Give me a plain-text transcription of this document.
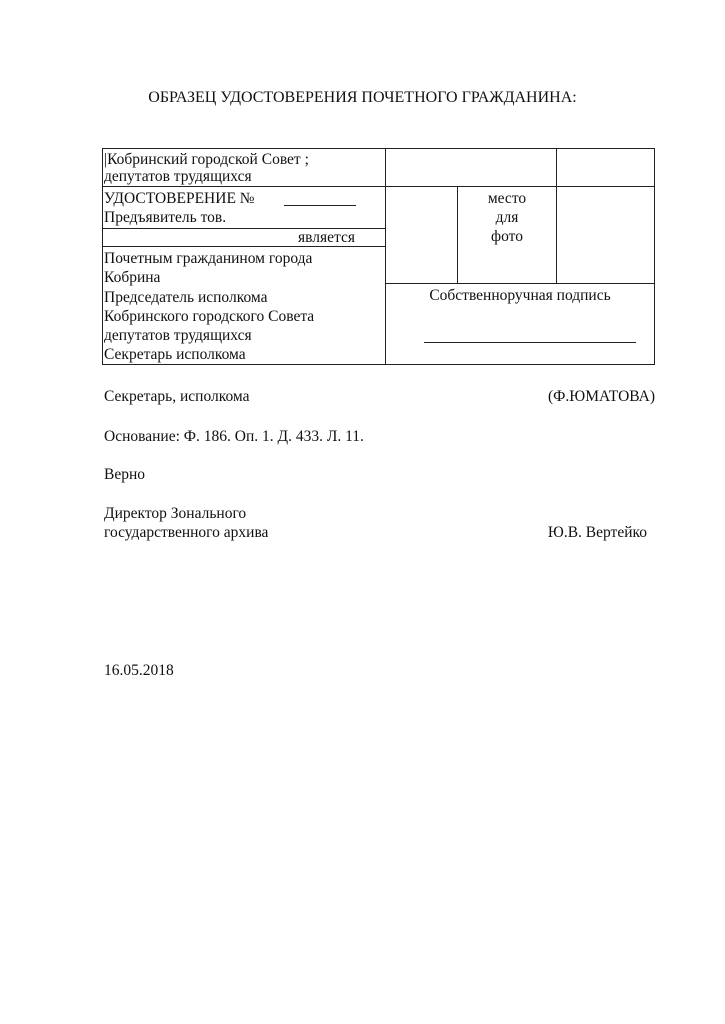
ОБРАЗЕЦ УДОСТОВЕРЕНИЯ ПОЧЕТНОГО ГРАЖДАНИНА:
|Кобринский городской Совет ;
депутатов трудящихся
УДОСТОВЕРЕНИЕ №
Предъявитель тов.
является
Почетным гражданином города
Кобрина
Председатель исполкома
Кобринского городского Совета
депутатов трудящихся
Секретарь исполкома
место
для
фото
Собственноручная подпись
Секретарь, исполкома	(Ф.ЮМАТОВА)
Основание: Ф. 186. Оп. 1. Д. 433. Л. 11.
Верно
Директор Зонального
государственного архива	Ю.В. Вертейко
16.05.2018
